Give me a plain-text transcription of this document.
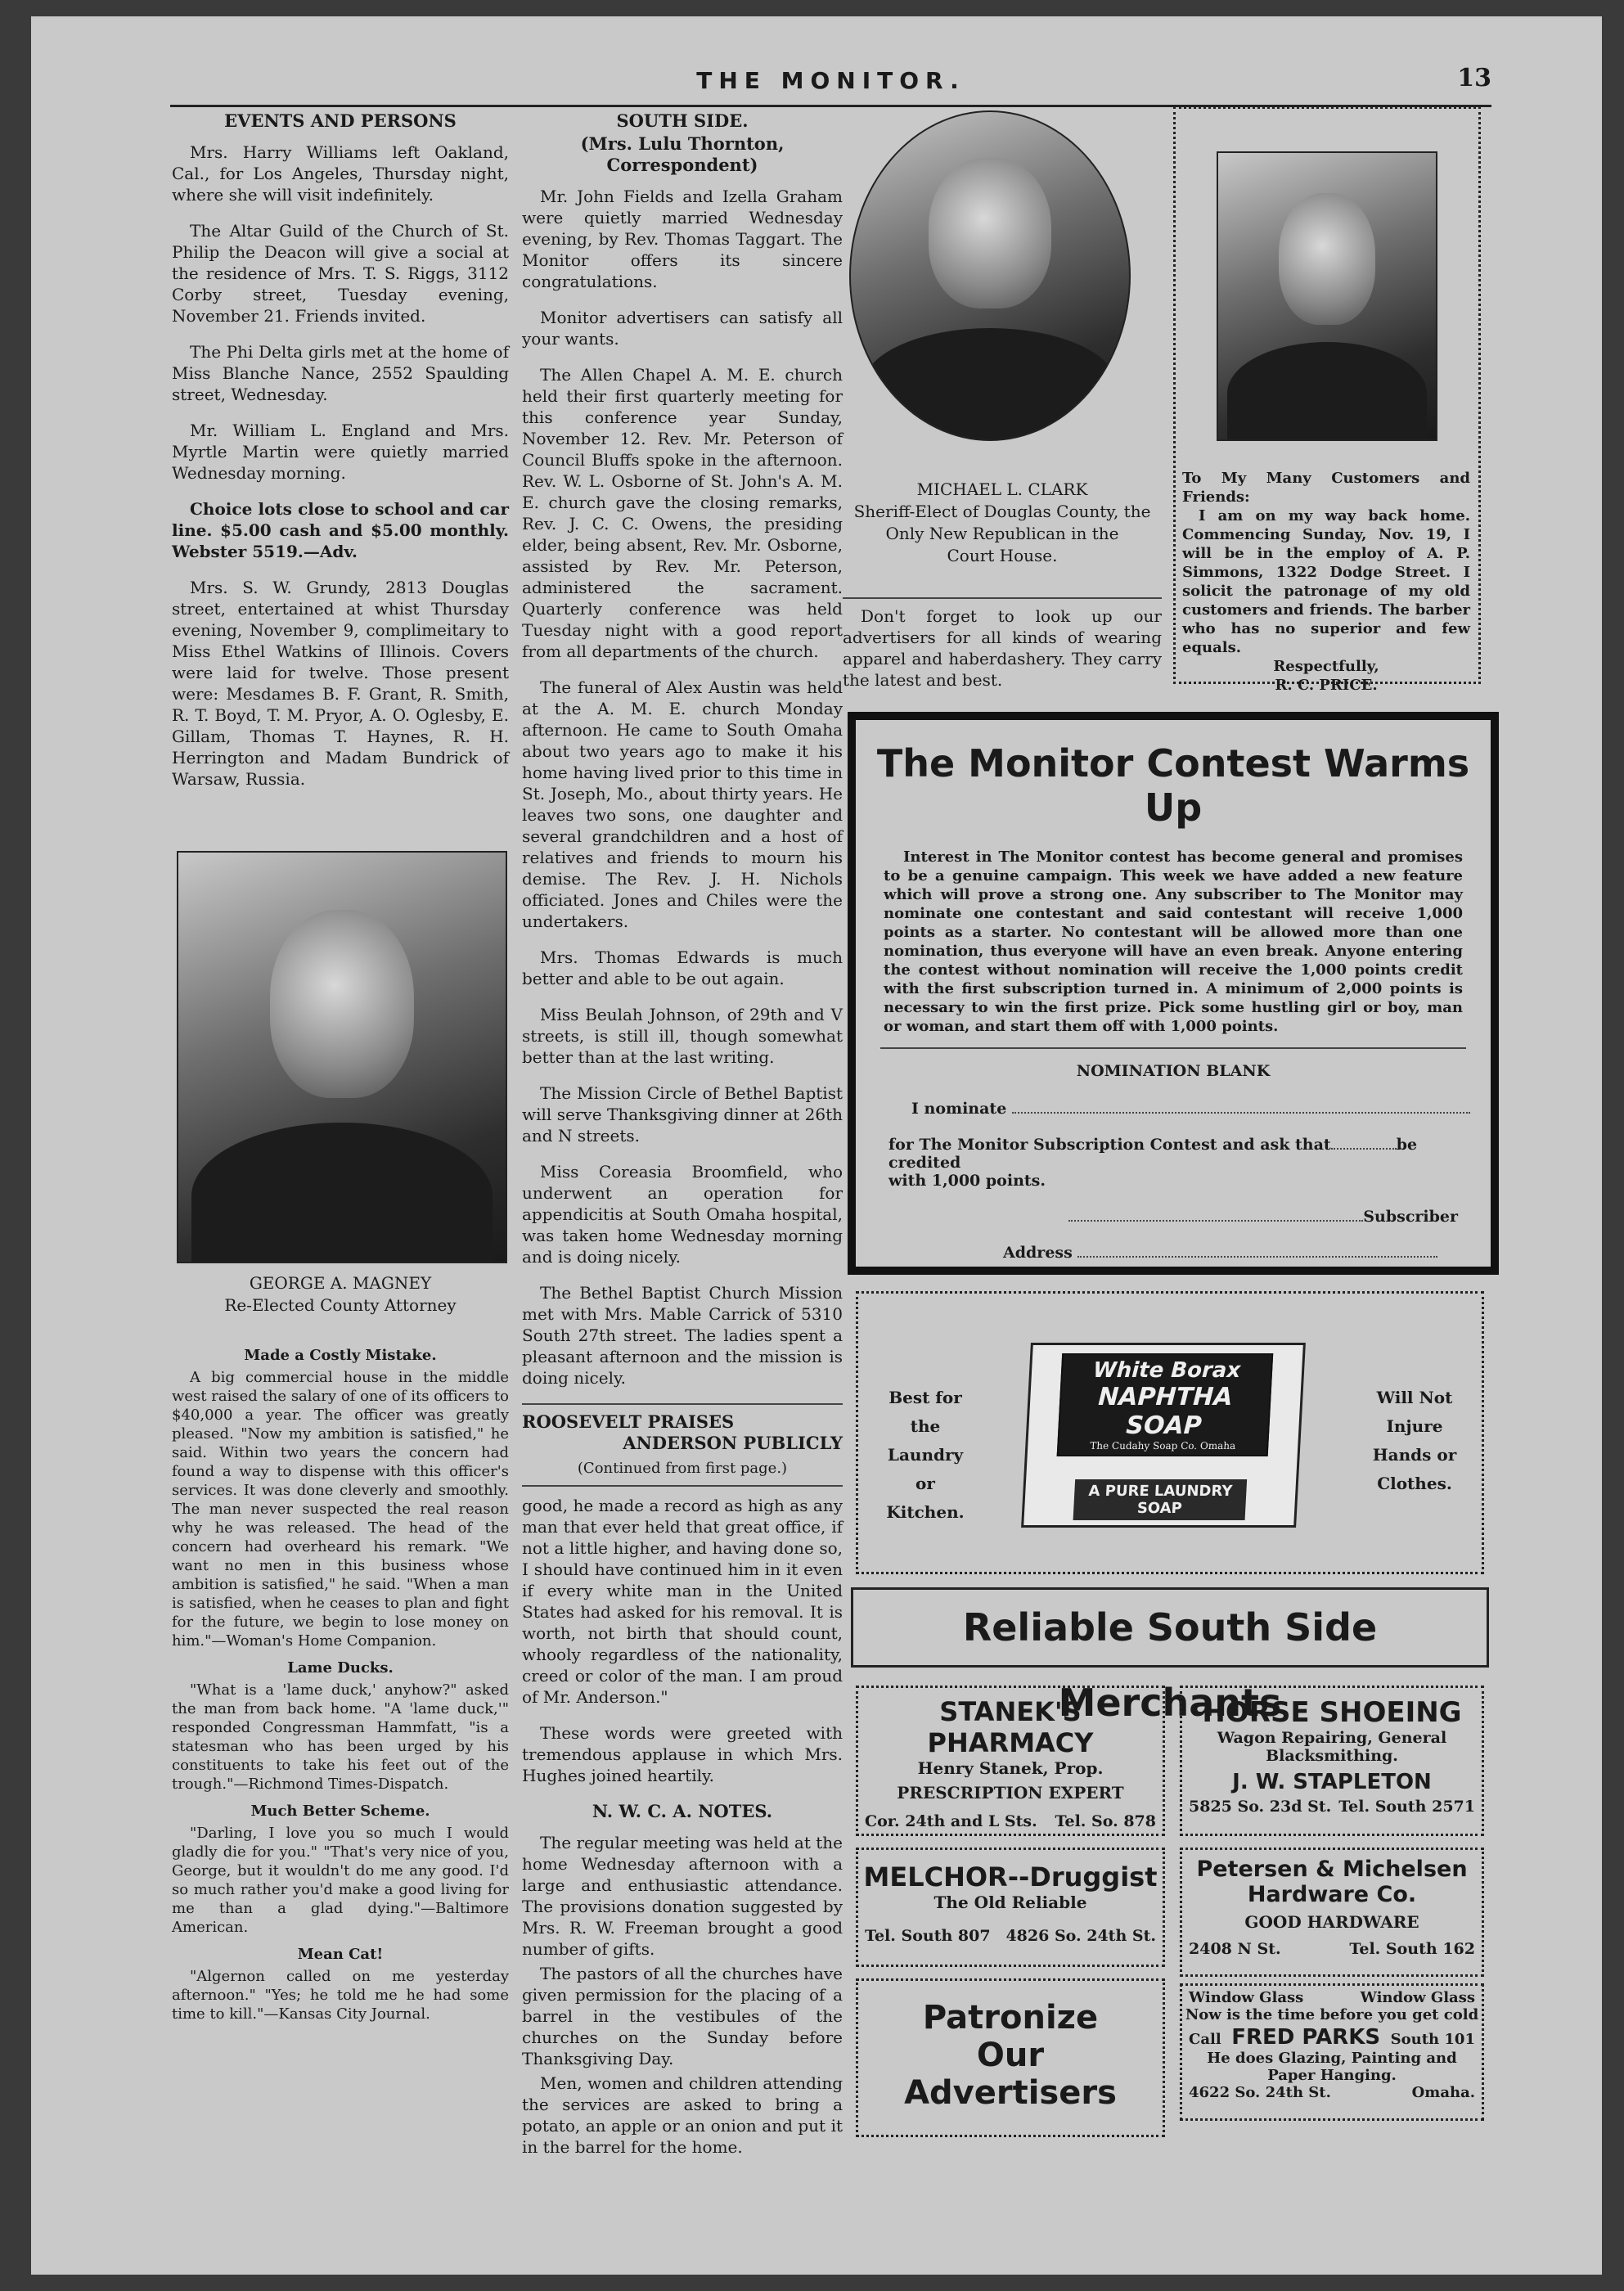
THE MONITOR.	13
EVENTS AND PERSONS

Mrs. Harry Williams left Oakland, Cal., for Los Angeles, Thursday night, where she will visit indefinitely.

The Altar Guild of the Church of St. Philip the Deacon will give a social at the residence of Mrs. T. S. Riggs, 3112 Corby street, Tuesday evening, November 21. Friends invited.

The Phi Delta girls met at the home of Miss Blanche Nance, 2552 Spaulding street, Wednesday.

Mr. William L. England and Mrs. Myrtle Martin were quietly married Wednesday morning.

Choice lots close to school and car line. $5.00 cash and $5.00 monthly. Webster 5519.—Adv.

Mrs. S. W. Grundy, 2813 Douglas street, entertained at whist Thursday evening, November 9, complimeitary to Miss Ethel Watkins of Illinois. Covers were laid for twelve. Those present were: Mesdames B. F. Grant, R. Smith, R. T. Boyd, T. M. Pryor, A. O. Oglesby, E. Gillam, Thomas T. Haynes, R. H. Herrington and Madam Bundrick of Warsaw, Russia.

GEORGE A. MAGNEY
Re-Elected County Attorney
Made a Costly Mistake.

A big commercial house in the middle west raised the salary of one of its officers to $40,000 a year. The officer was greatly pleased. "Now my ambition is satisfied," he said. Within two years the concern had found a way to dispense with this officer's services. It was done cleverly and smoothly. The man never suspected the real reason why he was released. The head of the concern had overheard his remark. "We want no men in this business whose ambition is satisfied," he said. "When a man is satisfied, when he ceases to plan and fight for the future, we begin to lose money on him."—Woman's Home Companion.

Lame Ducks.

"What is a 'lame duck,' anyhow?" asked the man from back home. "A 'lame duck,'" responded Congressman Hammfatt, "is a statesman who has been urged by his constituents to take his feet out of the trough."—Richmond Times-Dispatch.

Much Better Scheme.

"Darling, I love you so much I would gladly die for you." "That's very nice of you, George, but it wouldn't do me any good. I'd so much rather you'd make a good living for me than a glad dying."—Baltimore American.

Mean Cat!

"Algernon called on me yesterday afternoon." "Yes; he told me he had some time to kill."—Kansas City Journal.

SOUTH SIDE.
(Mrs. Lulu Thornton, Correspondent)

Mr. John Fields and Izella Graham were quietly married Wednesday evening, by Rev. Thomas Taggart. The Monitor offers its sincere congratulations.

Monitor advertisers can satisfy all your wants.

The Allen Chapel A. M. E. church held their first quarterly meeting for this conference year Sunday, November 12. Rev. Mr. Peterson of Council Bluffs spoke in the afternoon. Rev. W. L. Osborne of St. John's A. M. E. church gave the closing remarks, Rev. J. C. C. Owens, the presiding elder, being absent, Rev. Mr. Osborne, assisted by Rev. Mr. Peterson, administered the sacrament. Quarterly conference was held Tuesday night with a good report from all departments of the church.

The funeral of Alex Austin was held at the A. M. E. church Monday afternoon. He came to South Omaha about two years ago to make it his home having lived prior to this time in St. Joseph, Mo., about thirty years. He leaves two sons, one daughter and several grandchildren and a host of relatives and friends to mourn his demise. The Rev. J. H. Nichols officiated. Jones and Chiles were the undertakers.

Mrs. Thomas Edwards is much better and able to be out again.

Miss Beulah Johnson, of 29th and V streets, is still ill, though somewhat better than at the last writing.

The Mission Circle of Bethel Baptist will serve Thanksgiving dinner at 26th and N streets.

Miss Coreasia Broomfield, who underwent an operation for appendicitis at South Omaha hospital, was taken home Wednesday morning and is doing nicely.

The Bethel Baptist Church Mission met with Mrs. Mable Carrick of 5310 South 27th street. The ladies spent a pleasant afternoon and the mission is doing nicely.

ROOSEVELT PRAISES
ANDERSON PUBLICLY
(Continued from first page.)

good, he made a record as high as any man that ever held that great office, if not a little higher, and having done so, I should have continued him in it even if every white man in the United States had asked for his removal. It is worth, not birth that should count, whooly regardless of the nationality, creed or color of the man. I am proud of Mr. Anderson."

These words were greeted with tremendous applause in which Mrs. Hughes joined heartily.

N. W. C. A. NOTES.

The regular meeting was held at the home Wednesday afternoon with a large and enthusiastic attendance. The provisions donation suggested by Mrs. R. W. Freeman brought a good number of gifts.

The pastors of all the churches have given permission for the placing of a barrel in the vestibules of the churches on the Sunday before Thanksgiving Day.

Men, women and children attending the services are asked to bring a potato, an apple or an onion and put it in the barrel for the home.

MICHAEL L. CLARK
Sheriff-Elect of Douglas County, the
Only New Republican in the
Court House.

Don't forget to look up our advertisers for all kinds of wearing apparel and haberdashery. They carry the latest and best.

To My Many Customers and Friends:
I am on my way back home. Commencing Sunday, Nov. 19, I will be in the employ of A. P. Simmons, 1322 Dodge Street. I solicit the patronage of my old customers and friends. The barber who has no superior and few equals.
Respectfully,
R. C. PRICE.
The Monitor Contest Warms Up
Interest in The Monitor contest has become general and promises to be a genuine campaign. This week we have added a new feature which will prove a strong one. Any subscriber to The Monitor may nominate one contestant and said contestant will receive 1,000 points as a starter. No contestant will be allowed more than one nomination, thus everyone will have an even break. Anyone entering the contest without nomination will receive the 1,000 points credit with the first subscription turned in. A minimum of 2,000 points is necessary to win the first prize. Pick some hustling girl or boy, man or woman, and start them off with 1,000 points.
NOMINATION BLANK
I nominate
for The Monitor Subscription Contest and ask that	be credited
with 1,000 points.
Subscriber
Address
Best for the
Laundry
or
Kitchen.
White Borax
NAPHTHA SOAP
The Cudahy Soap Co. Omaha
A PURE LAUNDRY SOAP
Will Not
Injure
Hands or
Clothes.
Reliable South Side Merchants
STANEK'S PHARMACY
Henry Stanek, Prop.
PRESCRIPTION EXPERT
Cor. 24th and L Sts. Tel. So. 878
HORSE SHOEING
Wagon Repairing, General Blacksmithing.
J. W. STAPLETON
5825 So. 23d St. Tel. South 2571
MELCHOR--Druggist
The Old Reliable
Tel. South 807 4826 So. 24th St.
Petersen & Michelsen
Hardware Co.
GOOD HARDWARE
2408 N St.	Tel. South 162
Patronize
Our
Advertisers
Window Glass	Window Glass
Now is the time before you get cold
Call FRED PARKS South 101
He does Glazing, Painting and
Paper Hanging.
4622 So. 24th St.	Omaha.
